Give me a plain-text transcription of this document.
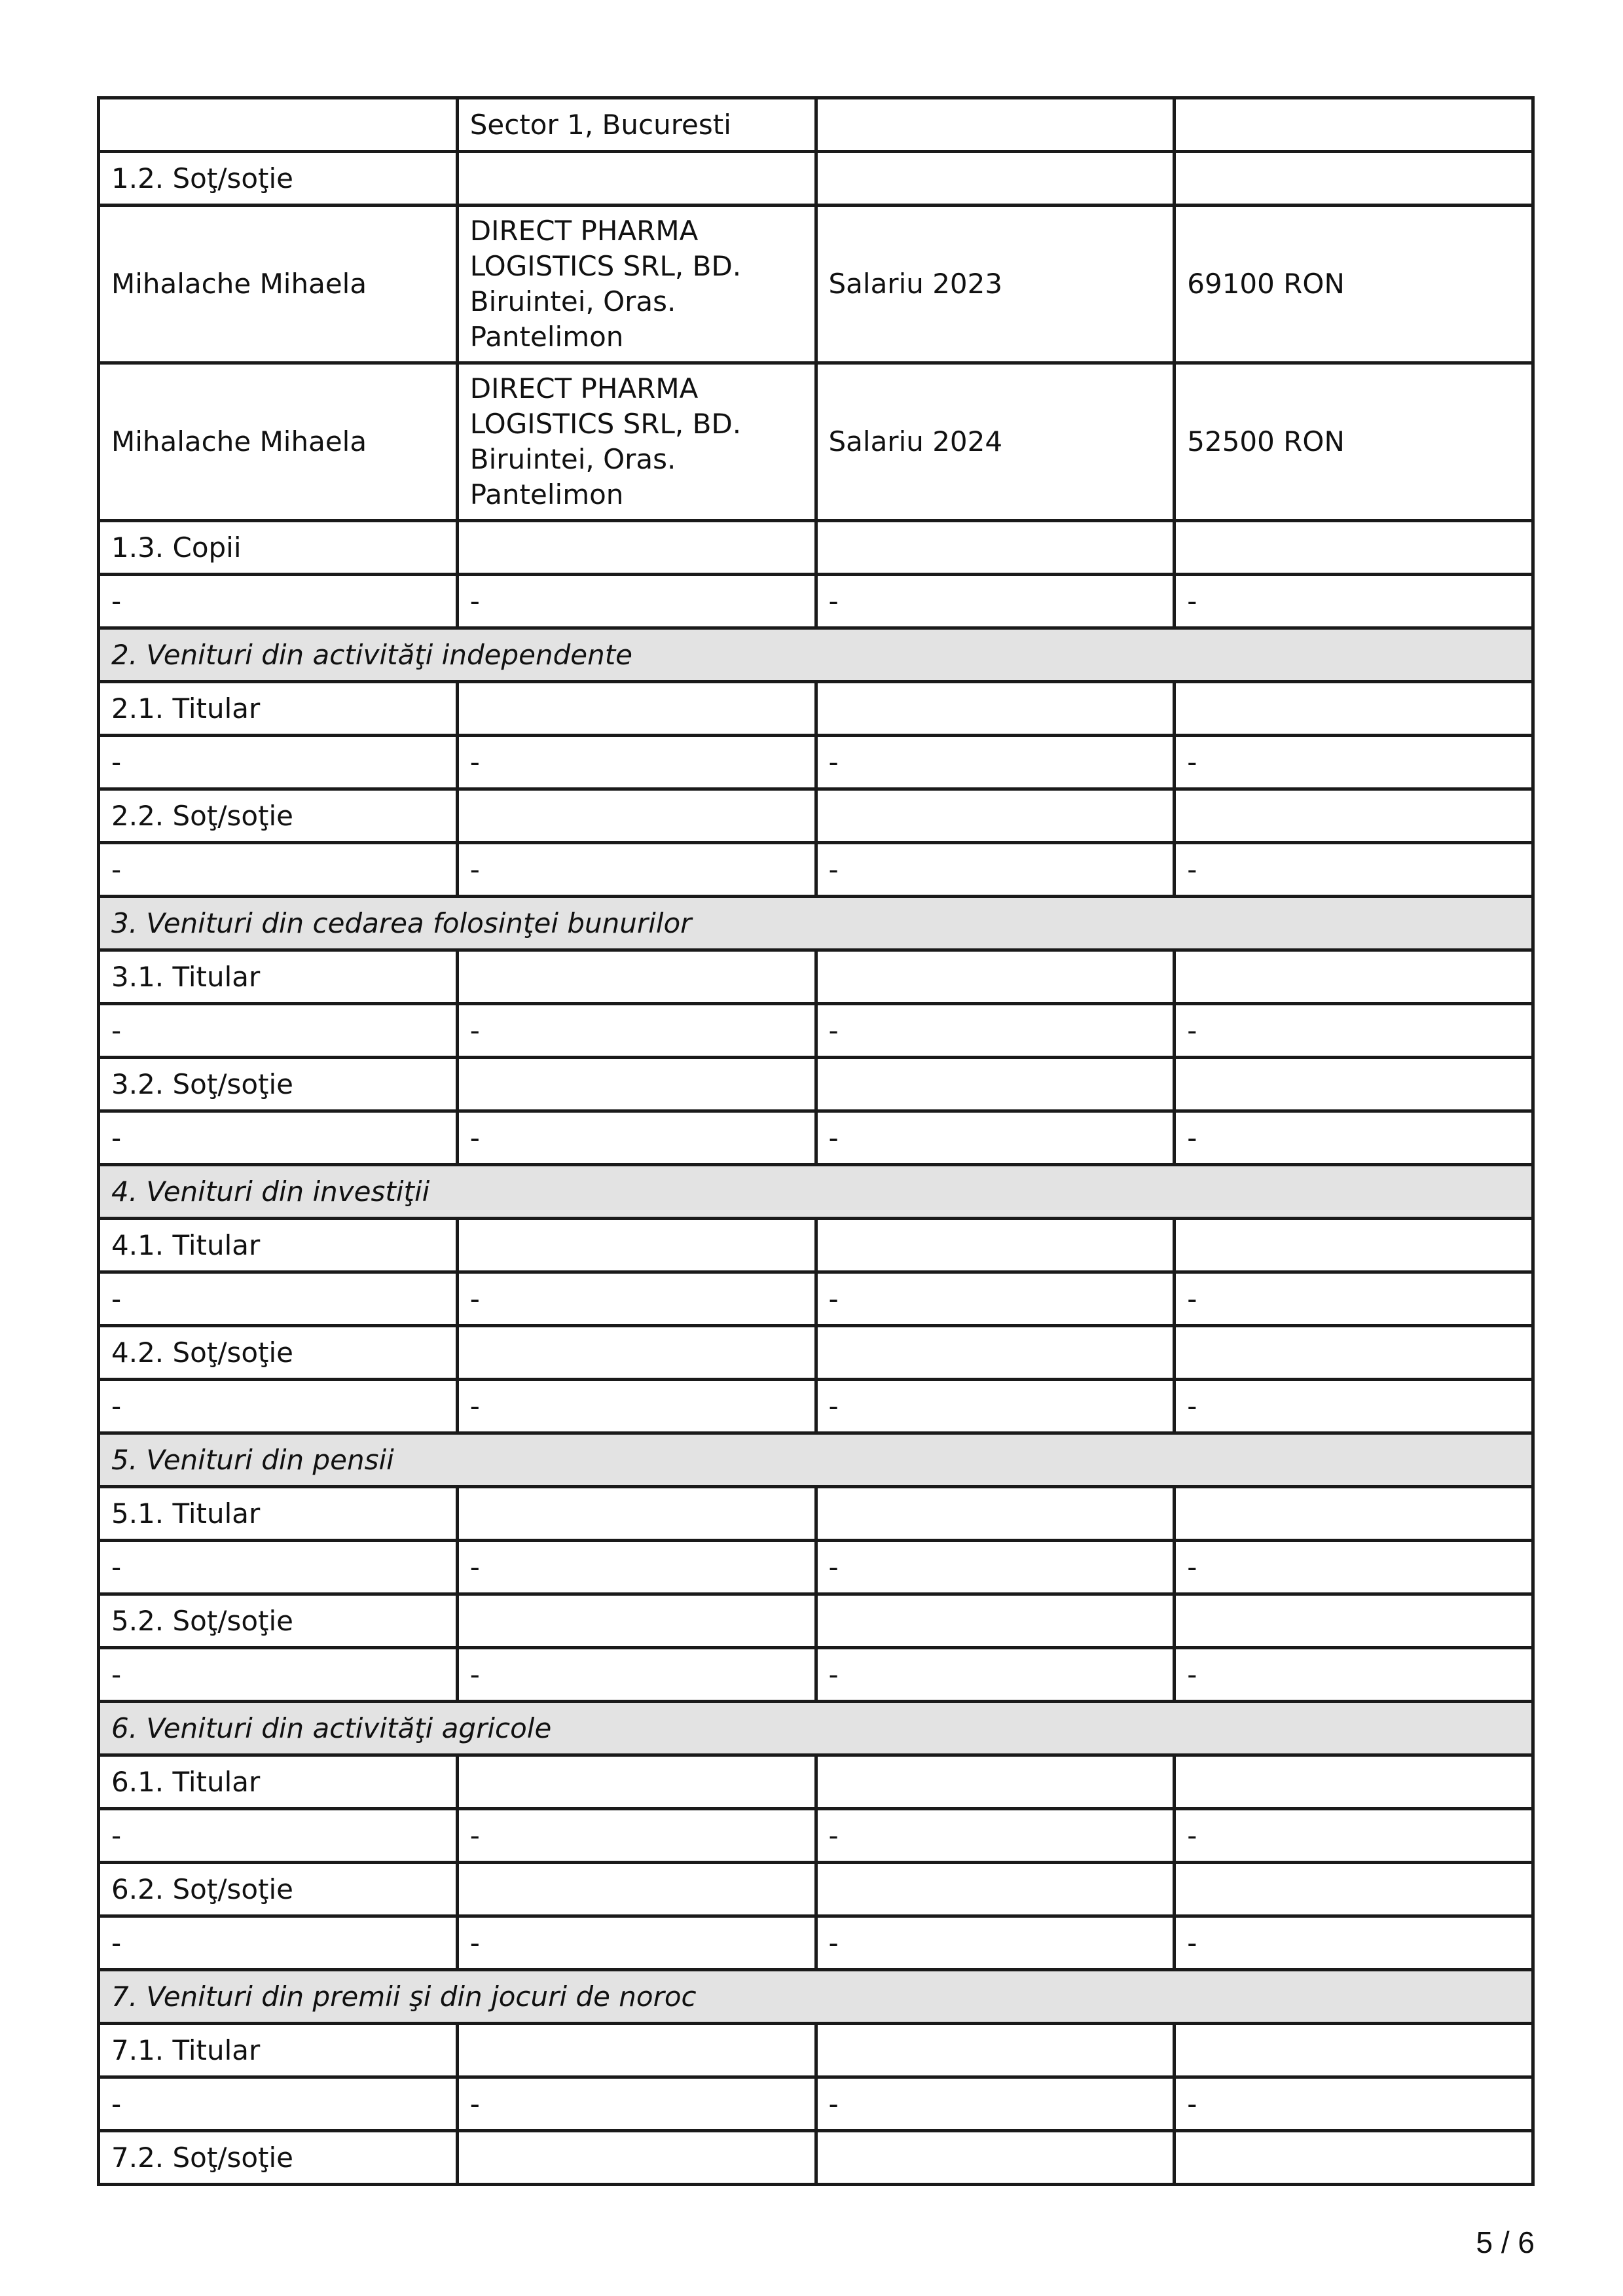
	Sector 1, Bucuresti		
1.2. Soţ/soţie			
Mihalache Mihaela	DIRECT PHARMA LOGISTICS SRL, BD. Biruintei, Oras. Pantelimon	Salariu 2023	69100 RON
Mihalache Mihaela	DIRECT PHARMA LOGISTICS SRL, BD. Biruintei, Oras. Pantelimon	Salariu 2024	52500 RON
1.3. Copii			
-	-	-	-
2. Venituri din activităţi independente			
2.1. Titular			
-	-	-	-
2.2. Soţ/soţie			
-	-	-	-
3. Venituri din cedarea folosinţei bunurilor			
3.1. Titular			
-	-	-	-
3.2. Soţ/soţie			
-	-	-	-
4. Venituri din investiţii			
4.1. Titular			
-	-	-	-
4.2. Soţ/soţie			
-	-	-	-
5. Venituri din pensii			
5.1. Titular			
-	-	-	-
5.2. Soţ/soţie			
-	-	-	-
6. Venituri din activităţi agricole			
6.1. Titular			
-	-	-	-
6.2. Soţ/soţie			
-	-	-	-
7. Venituri din premii şi din jocuri de noroc			
7.1. Titular			
-	-	-	-
7.2. Soţ/soţie			
5 / 6
